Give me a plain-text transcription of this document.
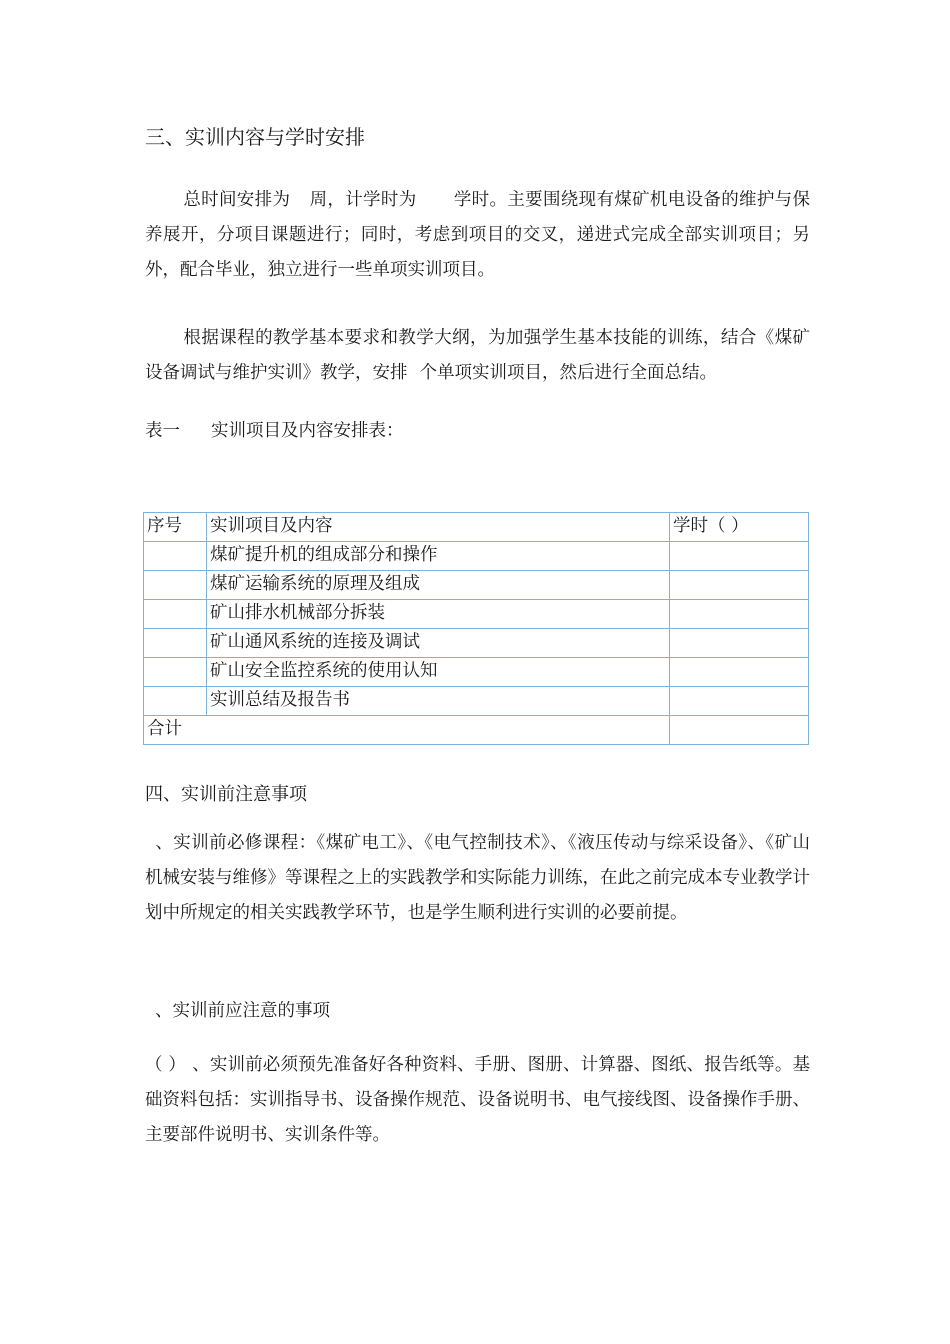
三、实训内容与学时安排

总时间安排为 周，计学时为 学时。主要围绕现有煤矿机电设备的维护与保养展开，分项目课题进行；同时，考虑到项目的交叉，递进式完成全部实训项目；另外，配合毕业，独立进行一些单项实训项目。

根据课程的教学基本要求和教学大纲，为加强学生基本技能的训练，结合《煤矿设备调试与维护实训》教学，安排 个单项实训项目，然后进行全面总结。

表一 实训项目及内容安排表：
序号	实训项目及内容	学时（ ）
	煤矿提升机的组成部分和操作	
	煤矿运输系统的原理及组成	
	矿山排水机械部分拆装	
	矿山通风系统的连接及调试	
	矿山安全监控系统的使用认知	
	实训总结及报告书	
合计		
四、实训前注意事项

、实训前必修课程：《煤矿电工》、《电气控制技术》、《液压传动与综采设备》、《矿山机械安装与维修》等课程之上的实践教学和实际能力训练，在此之前完成本专业教学计划中所规定的相关实践教学环节，也是学生顺利进行实训的必要前提。

、实训前应注意的事项

（ ） 、实训前必须预先准备好各种资料、手册、图册、计算器、图纸、报告纸等。基础资料包括：实训指导书、设备操作规范、设备说明书、电气接线图、设备操作手册、主要部件说明书、实训条件等。
